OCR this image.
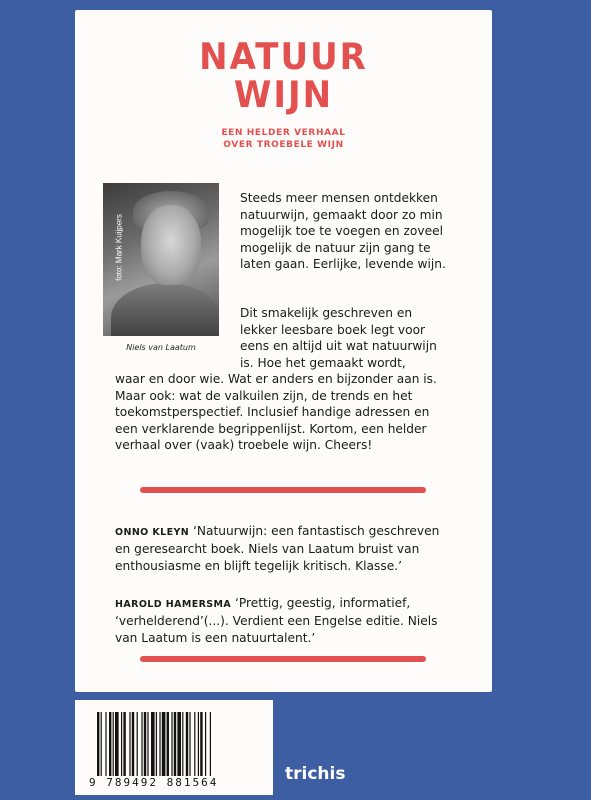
NATUUR
WIJN
EEN HELDER VERHAAL
OVER TROEBELE WIJN
foto: Mark Kuijpers
Niels van Laatum
Steeds meer mensen ontdekken
natuurwijn, gemaakt door zo min
mogelijk toe te voegen en zoveel
mogelijk de natuur zijn gang te
laten gaan. Eerlijke, levende wijn.
Dit smakelijk geschreven en
lekker leesbare boek legt voor
eens en altijd uit wat natuurwijn
is. Hoe het gemaakt wordt,
waar en door wie. Wat er anders en bijzonder aan is.
Maar ook: wat de valkuilen zijn, de trends en het
toekomstperspectief. Inclusief handige adressen en
een verklarende begrippenlijst. Kortom, een helder
verhaal over (vaak) troebele wijn. Cheers!
ONNO KLEYN ‘Natuurwijn: een fantastisch geschreven
en geresearcht boek. Niels van Laatum bruist van
enthousiasme en blijft tegelijk kritisch. Klasse.’
HAROLD HAMERSMA ‘Prettig, geestig, informatief,
‘verhelderend’(...). Verdient een Engelse editie. Niels
van Laatum is een natuurtalent.’
9 789492 881564	trichis
